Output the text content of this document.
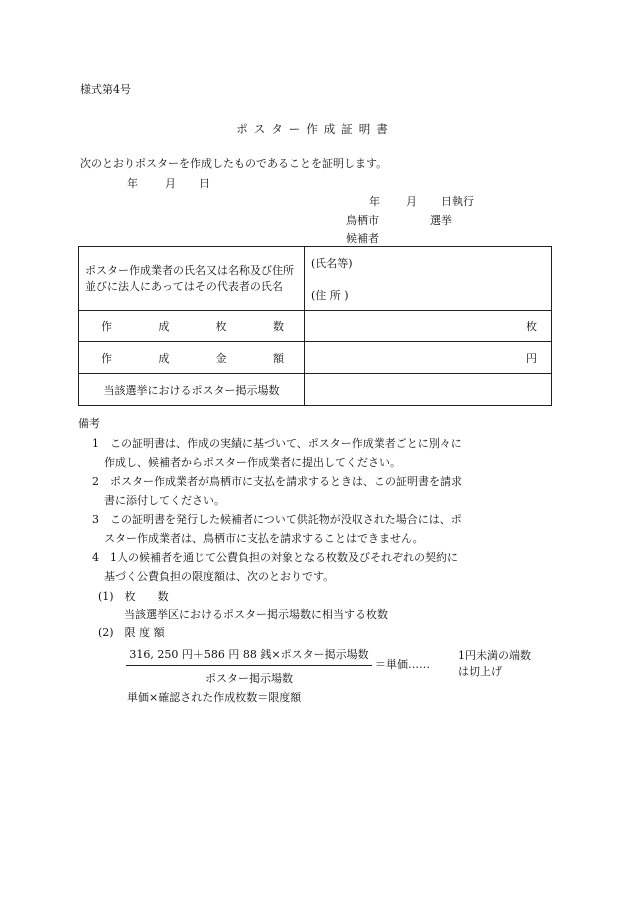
様式第4号
ポスター作成証明書
次のとおりポスターを作成したものであることを証明します。
年 月 日
年 月 日執行
鳥栖市	選挙
候補者
ポスター作成業者の氏名又は名称及び住所並びに法人にあってはその代表者の氏名	(氏名等)
(住 所 )

作 成 枚 数	枚

作 成 金 額	円

当該選挙におけるポスター掲示場数	
備考
1　この証明書は、作成の実績に基づいて、ポスター作成業者ごとに別々に
作成し、候補者からポスター作成業者に提出してください。
2　ポスター作成業者が鳥栖市に支払を請求するときは、この証明書を請求
書に添付してください。
3　この証明書を発行した候補者について供託物が没収された場合には、ポ
スター作成業者は、鳥栖市に支払を請求することはできません。
4　1人の候補者を通じて公費負担の対象となる枚数及びそれぞれの契約に
基づく公費負担の限度額は、次のとおりです。
(1)　枚　　数
当該選挙区におけるポスター掲示場数に相当する枚数
(2)　限 度 額
316, 250 円＋586 円 88 銭×ポスター掲示場数
ポスター掲示場数
＝単価……
1円未満の端数は切上げ
単価×確認された作成枚数＝限度額
